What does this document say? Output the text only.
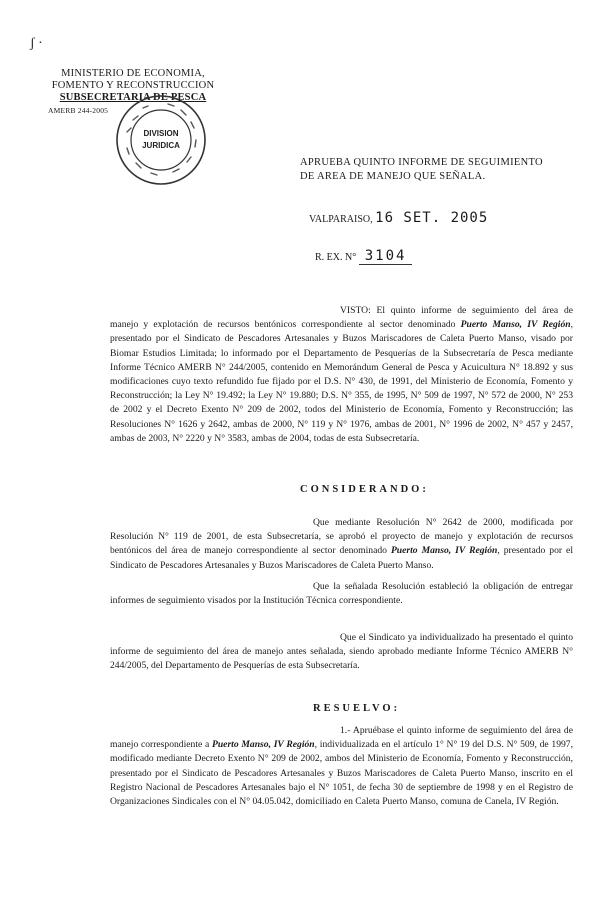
ʃ ·
MINISTERIO DE ECONOMIA,
FOMENTO Y RECONSTRUCCION
SUBSECRETARIA DE PESCA
AMERB 244-2005
DIVISION
JURIDICA
APRUEBA QUINTO INFORME DE SEGUIMIENTO
DE AREA DE MANEJO QUE SEÑALA.
VALPARAISO, 16 SET. 2005
R. EX. N° 3104
VISTO: El quinto informe de seguimiento del área de manejo y explotación de recursos bentónicos correspondiente al sector denominado Puerto Manso, IV Región, presentado por el Sindicato de Pescadores Artesanales y Buzos Mariscadores de Caleta Puerto Manso, visado por Biomar Estudios Limitada; lo informado por el Departamento de Pesquerías de la Subsecretaría de Pesca mediante Informe Técnico AMERB N° 244/2005, contenido en Memorándum General de Pesca y Acuicultura N° 18.892 y sus modificaciones cuyo texto refundido fue fijado por el D.S. N° 430, de 1991, del Ministerio de Economía, Fomento y Reconstrucción; la Ley N° 19.492; la Ley N° 19.880; D.S. N° 355, de 1995, N° 509 de 1997, N° 572 de 2000, N° 253 de 2002 y el Decreto Exento N° 209 de 2002, todos del Ministerio de Economía, Fomento y Reconstrucción; las Resoluciones N° 1626 y 2642, ambas de 2000, N° 119 y N° 1976, ambas de 2001, N° 1996 de 2002, N° 457 y 2457, ambas de 2003, N° 2220 y N° 3583, ambas de 2004, todas de esta Subsecretaría.
CONSIDERANDO:
Que mediante Resolución N° 2642 de 2000, modificada por Resolución N° 119 de 2001, de esta Subsecretaría, se aprobó el proyecto de manejo y explotación de recursos bentónicos del área de manejo correspondiente al sector denominado Puerto Manso, IV Región, presentado por el Sindicato de Pescadores Artesanales y Buzos Mariscadores de Caleta Puerto Manso.
Que la señalada Resolución estableció la obligación de entregar informes de seguimiento visados por la Institución Técnica correspondiente.
Que el Sindicato ya individualizado ha presentado el quinto informe de seguimiento del área de manejo antes señalada, siendo aprobado mediante Informe Técnico AMERB N° 244/2005, del Departamento de Pesquerías de esta Subsecretaría.
RESUELVO:
1.- Apruébase el quinto informe de seguimiento del área de manejo correspondiente a Puerto Manso, IV Región, individualizada en el artículo 1° N° 19 del D.S. N° 509, de 1997, modificado mediante Decreto Exento N° 209 de 2002, ambos del Ministerio de Economía, Fomento y Reconstrucción, presentado por el Sindicato de Pescadores Artesanales y Buzos Mariscadores de Caleta Puerto Manso, inscrito en el Registro Nacional de Pescadores Artesanales bajo el N° 1051, de fecha 30 de septiembre de 1998 y en el Registro de Organizaciones Sindicales con el N° 04.05.042, domiciliado en Caleta Puerto Manso, comuna de Canela, IV Región.
